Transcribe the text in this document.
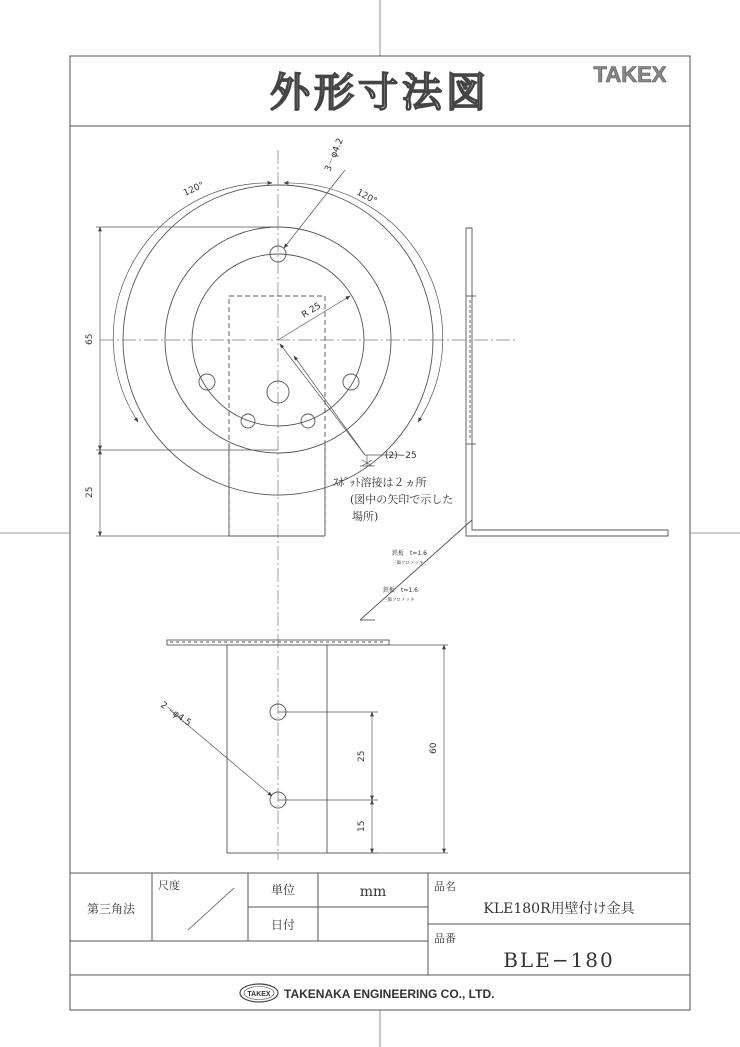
外形寸法図	TAKEX
3－φ4.2
120°	120°
R 25
65
25
(2)−25
ｽﾎﾟｯﾄ溶接は２ヵ所
(図中の矢印で示した
場所)
鉄板　t=1.6
三価クロメッキ
鉄板　t=1.6
三価クロメッキ
2－φ4.5
25
15
60
第三角法
尺度	単位	mm
日付
品名
KLE180R用壁付け金具
品番
BLE−180
TAKEX TAKENAKA ENGINEERING CO., LTD.
